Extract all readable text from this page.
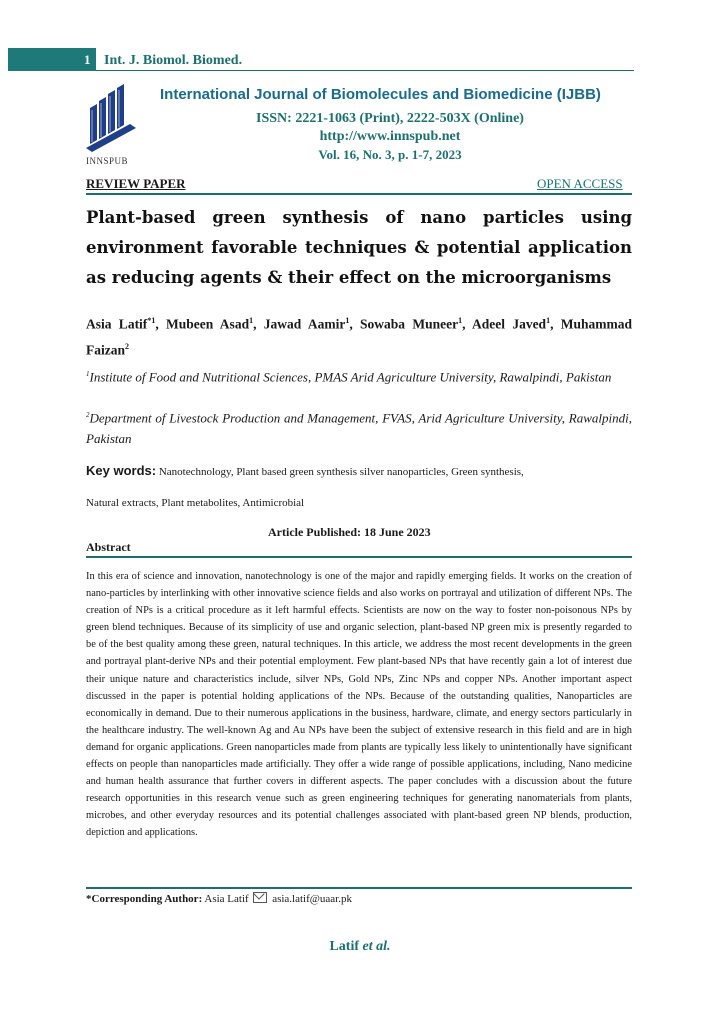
1 Int. J. Biomol. Biomed.
INNSPUB
International Journal of Biomolecules and Biomedicine (IJBB)
ISSN: 2221-1063 (Print), 2222-503X (Online)
http://www.innspub.net
Vol. 16, No. 3, p. 1-7, 2023
REVIEW PAPER	OPEN ACCESS
Plant-based green synthesis of nano particles using environment favorable techniques & potential application as reducing agents & their effect on the microorganisms
Asia Latif$^{*1}$, Mubeen Asad$^1$, Jawad Aamir$^1$, Sowaba Muneer$^1$, Adeel Javed$^1$, Muhammad Faizan$^2$
$^1$Institute of Food and Nutritional Sciences, PMAS Arid Agriculture University, Rawalpindi, Pakistan
$^2$Department of Livestock Production and Management, FVAS, Arid Agriculture University, Rawalpindi, Pakistan
Key words: Nanotechnology, Plant based green synthesis silver nanoparticles, Green synthesis,
Natural extracts, Plant metabolites, Antimicrobial
Article Published: 18 June 2023
Abstract
In this era of science and innovation, nanotechnology is one of the major and rapidly emerging fields. It works on the creation of nano-particles by interlinking with other innovative science fields and also works on portrayal and utilization of different NPs. The creation of NPs is a critical procedure as it left harmful effects. Scientists are now on the way to foster non-poisonous NPs by green blend techniques. Because of its simplicity of use and organic selection, plant-based NP green mix is presently regarded to be of the best quality among these green, natural techniques. In this article, we address the most recent developments in the green and portrayal plant-derive NPs and their potential employment. Few plant-based NPs that have recently gain a lot of interest due their unique nature and characteristics include, silver NPs, Gold NPs, Zinc NPs and copper NPs. Another important aspect discussed in the paper is potential holding applications of the NPs. Because of the outstanding qualities, Nanoparticles are economically in demand. Due to their numerous applications in the business, hardware, climate, and energy sectors particularly in the healthcare industry. The well-known Ag and Au NPs have been the subject of extensive research in this field and are in high demand for organic applications. Green nanoparticles made from plants are typically less likely to unintentionally have significant effects on people than nanoparticles made artificially. They offer a wide range of possible applications, including, Nano medicine and human health assurance that further covers in different aspects. The paper concludes with a discussion about the future research opportunities in this research venue such as green engineering techniques for generating nanomaterials from plants, microbes, and other everyday resources and its potential challenges associated with plant-based green NP blends, production, depiction and applications.
*Corresponding Author: Asia Latif asia.latif@uaar.pk
Latif et al.
